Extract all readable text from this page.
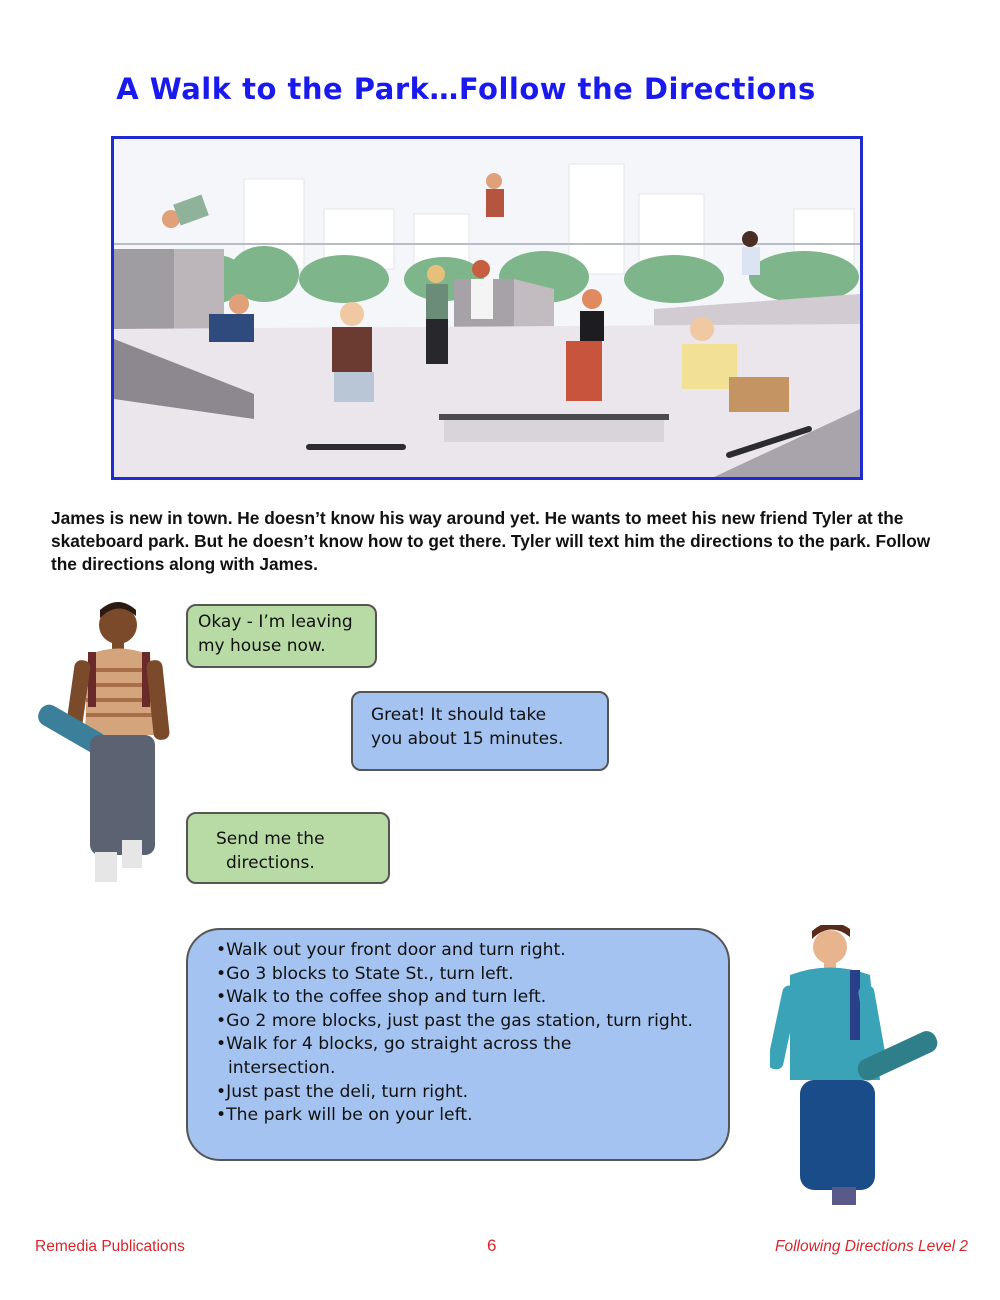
A Walk to the Park…Follow the Directions
James is new in town. He doesn’t know his way around yet. He wants to meet his new friend Tyler at the skateboard park. But he doesn’t know how to get there. Tyler will text him the directions to the park. Follow the directions along with James.
Okay - I’m leaving
my house now.
Great! It should take
you about 15 minutes.
Send me the
directions.
•Walk out your front door and turn right.
•Go 3 blocks to State St., turn left.
•Walk to the coffee shop and turn left.
•Go 2 more blocks, just past the gas station, turn right.
•Walk for 4 blocks, go straight across the
intersection.
•Just past the deli, turn right.
•The park will be on your left.
Remedia Publications	6	Following Directions Level 2
